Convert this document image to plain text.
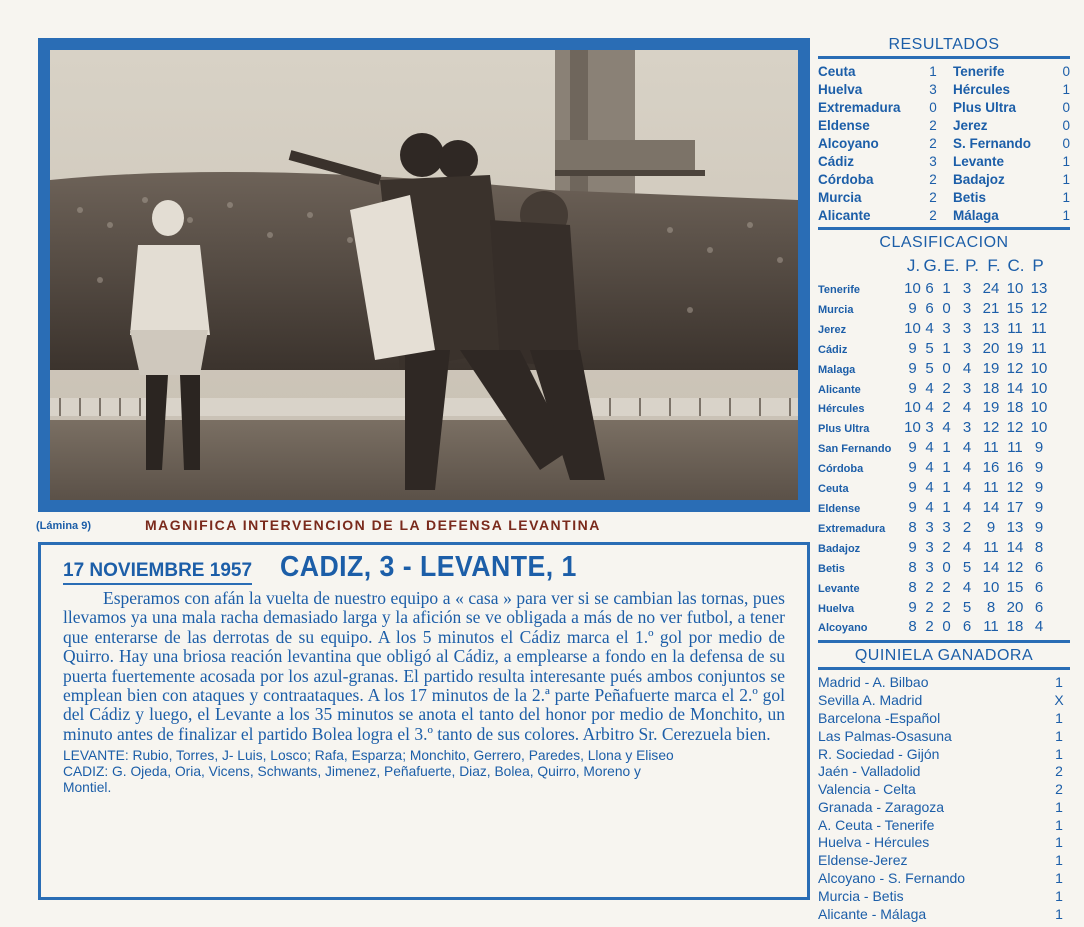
(Lámina 9)	MAGNIFICA INTERVENCION DE LA DEFENSA LEVANTINA
17 NOVIEMBRE 1957 CADIZ, 3 - LEVANTE, 1

Esperamos con afán la vuelta de nuestro equipo a « casa » para ver si se cambian las tornas, pues llevamos ya una mala racha demasiado larga y la afición se ve obligada a más de no ver futbol, a tener que enterarse de las derrotas de su equipo. A los 5 minutos el Cádiz marca el 1.º gol por medio de Quirro. Hay una briosa reación levantina que obligó al Cádiz, a emplearse a fondo en la defensa de su puerta fuertemente acosada por los azul-granas. El partido resulta interesante pués ambos conjuntos se emplean bien con ataques y contraataques. A los 17 minutos de la 2.ª parte Peñafuerte marca el 2.º gol del Cádiz y luego, el Levante a los 35 minutos se anota el tanto del honor por medio de Monchito, un minuto antes de finalizar el partido Bolea logra el 3.º tanto de sus colores. Arbitro Sr. Cerezuela bien.

LEVANTE: Rubio, Torres, J- Luis, Losco; Rafa, Esparza; Monchito, Gerrero, Paredes, Llona y Eliseo
CADIZ: G. Ojeda, Oria, Vicens, Schwants, Jimenez, Peñafuerte, Diaz, Bolea, Quirro, Moreno y
Montiel.
RESULTADOS
Ceuta	1	Tenerife	0
Huelva	3	Hércules	1
Extremadura	0	Plus Ultra	0
Eldense	2	Jerez	0
Alcoyano	2	S. Fernando	0
Cádiz	3	Levante	1
Córdoba	2	Badajoz	1
Murcia	2	Betis	1
Alicante	2	Málaga	1
CLASIFICACION
J. G. E. P. F. C. P
Tenerife	10 6 1 3 24 10 13
Murcia	9 6 0 3 21 15 12
Jerez	10 4 3 3 13 11 11
Cádiz	9 5 1 3 20 19 11
Malaga	9 5 0 4 19 12 10
Alicante	9 4 2 3 18 14 10
Hércules	10 4 2 4 19 18 10
Plus Ultra	10 3 4 3 12 12 10
San Fernando	9 4 1 4 11 11 9
Córdoba	9 4 1 4 16 16 9
Ceuta	9 4 1 4 11 12 9
Eldense	9 4 1 4 14 17 9
Extremadura	8 3 3 2	9 13 9
Badajoz	9 3 2 4 11 14 8
Betis	8 3 0 5 14 12 6
Levante	8 2 2 4 10 15 6
Huelva	9 2 2 5	8 20 6
Alcoyano	8 2 0 6 11 18 4
QUINIELA GANADORA
Madrid - A. Bilbao	1
Sevilla A. Madrid	X
Barcelona -Español	1
Las Palmas-Osasuna	1
R. Sociedad - Gijón	1
Jaén - Valladolid	2
Valencia - Celta	2
Granada - Zaragoza	1
A. Ceuta - Tenerife	1
Huelva - Hércules	1
Eldense-Jerez	1
Alcoyano - S. Fernando	1
Murcia - Betis	1
Alicante - Málaga	1
